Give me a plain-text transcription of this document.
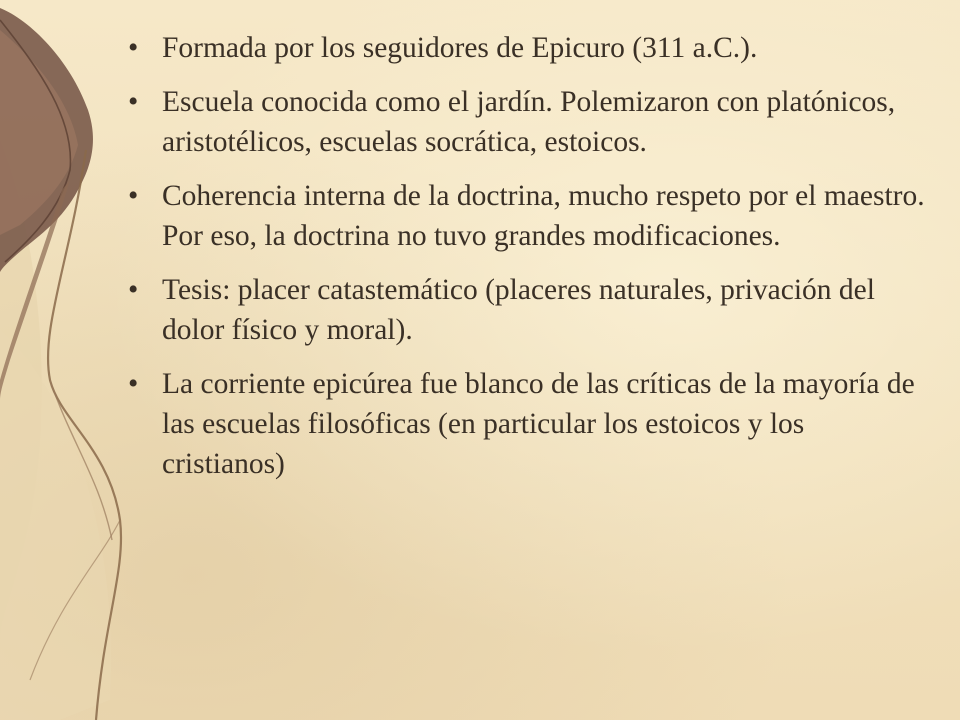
• Formada por los seguidores de Epicuro (311 a.C.).
• Escuela conocida como el jardín. Polemizaron con platónicos, aristotélicos, escuelas socrática, estoicos.
• Coherencia interna de la doctrina, mucho respeto por el maestro. Por eso, la doctrina no tuvo grandes modificaciones.
• Tesis: placer catastemático (placeres naturales, privación del dolor físico y moral).
• La corriente epicúrea fue blanco de las críticas de la mayoría de las escuelas filosóficas (en particular los estoicos y los cristianos)
